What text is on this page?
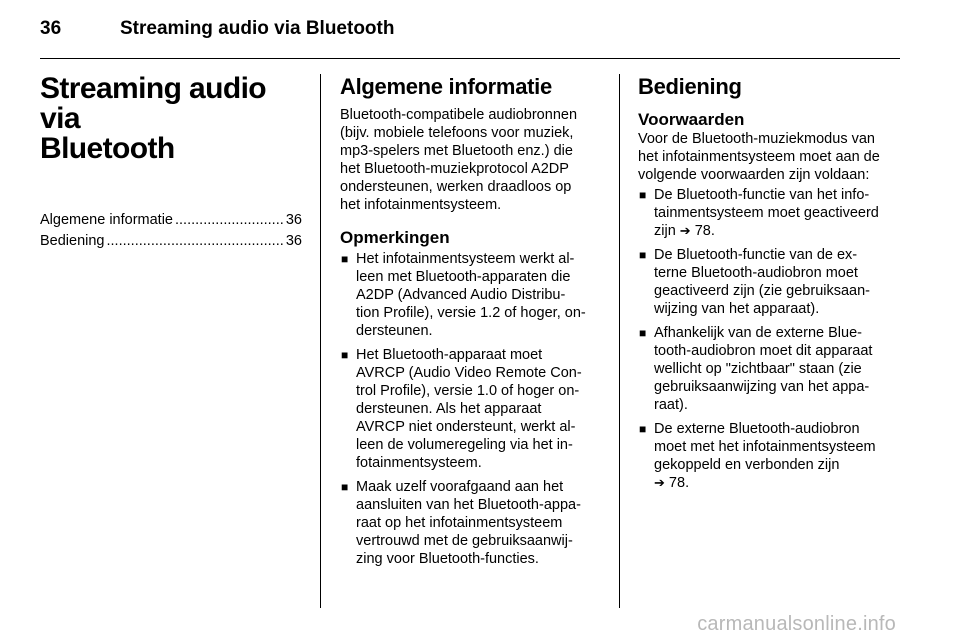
36	Streaming audio via Bluetooth
Streaming audio via
Bluetooth
Algemene informatie .....	36
Bediening .....	36
Algemene informatie

Bluetooth-compatibele audiobronnen
(bijv. mobiele telefoons voor muziek,
mp3-spelers met Bluetooth enz.) die
het Bluetooth-muziekprotocol A2DP
ondersteunen, werken draadloos op
het infotainmentsysteem.

Opmerkingen
■ Het infotainmentsysteem werkt al-
leen met Bluetooth-apparaten die
A2DP (Advanced Audio Distribu-
tion Profile), versie 1.2 of hoger, on-
dersteunen.
■ Het Bluetooth-apparaat moet
AVRCP (Audio Video Remote Con-
trol Profile), versie 1.0 of hoger on-
dersteunen. Als het apparaat
AVRCP niet ondersteunt, werkt al-
leen de volumeregeling via het in-
fotainmentsysteem.
■ Maak uzelf voorafgaand aan het
aansluiten van het Bluetooth-appa-
raat op het infotainmentsysteem
vertrouwd met de gebruiksaanwij-
zing voor Bluetooth-functies.
Bediening
Voorwaarden

Voor de Bluetooth-muziekmodus van
het infotainmentsysteem moet aan de
volgende voorwaarden zijn voldaan:

■ De Bluetooth-functie van het info-
tainmentsysteem moet geactiveerd
zijn ➔ 78.
■ De Bluetooth-functie van de ex-
terne Bluetooth-audiobron moet
geactiveerd zijn (zie gebruiksaan-
wijzing van het apparaat).
■ Afhankelijk van de externe Blue-
tooth-audiobron moet dit apparaat
wellicht op "zichtbaar" staan (zie
gebruiksaanwijzing van het appa-
raat).
■ De externe Bluetooth-audiobron
moet met het infotainmentsysteem
gekoppeld en verbonden zijn
➔ 78.
carmanualsonline.info
